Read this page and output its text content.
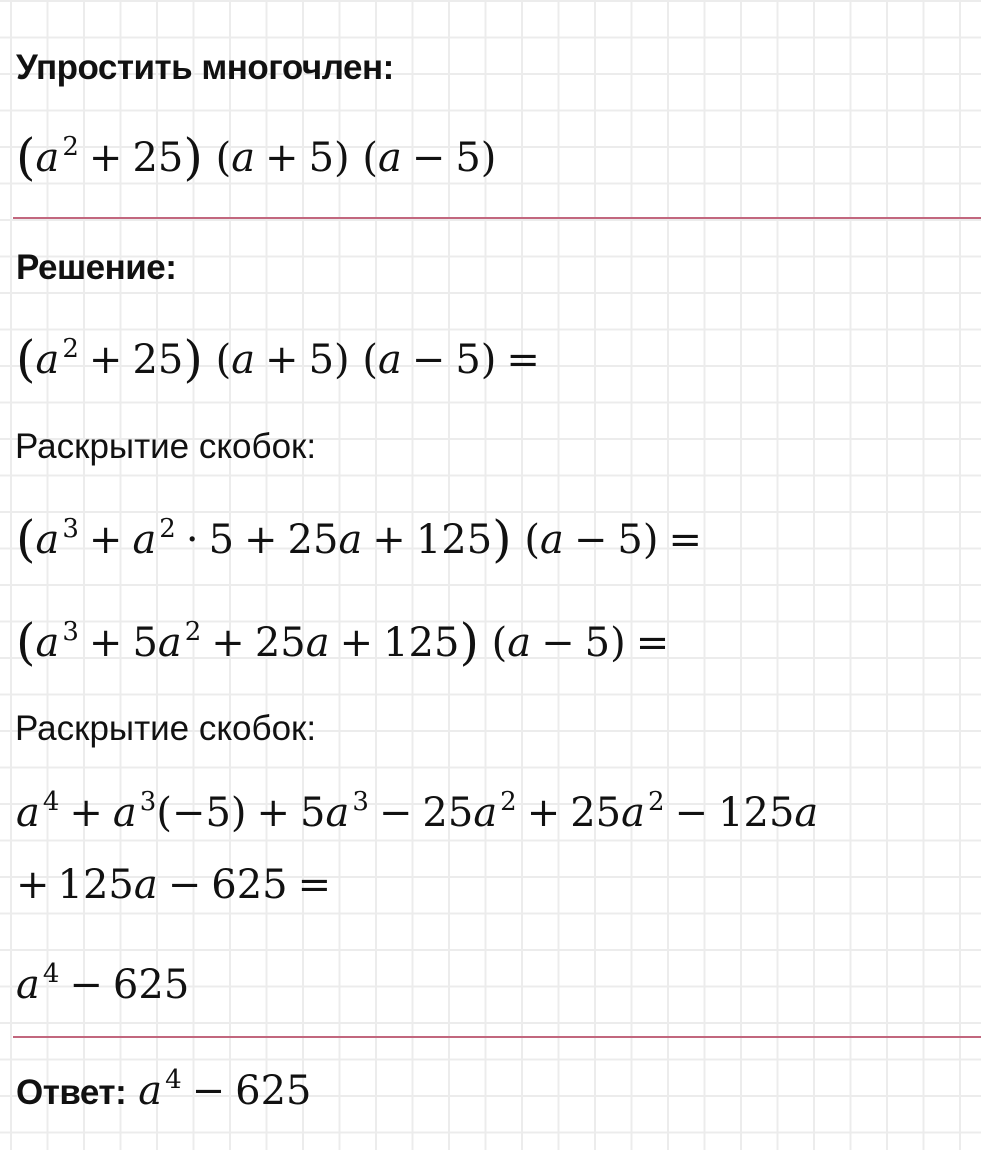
Упростить многочлен:
(a $^2$ + 25) (a + 5) (a − 5)
Решение:
(a $^2$ + 25) (a + 5) (a − 5) =
Раскрытие скобок:
(a $^3$ + a $^2$ · 5 + 25a + 125) (a − 5) =
(a $^3$ + 5a $^2$ + 25a + 125) (a − 5) =
Раскрытие скобок:
a $^4$ + a $^3$(−5) + 5a $^3$ − 25a $^2$ + 25a $^2$ − 125a
+ 125a − 625 =
a $^4$ − 625
Ответ: a $^4$ − 625
